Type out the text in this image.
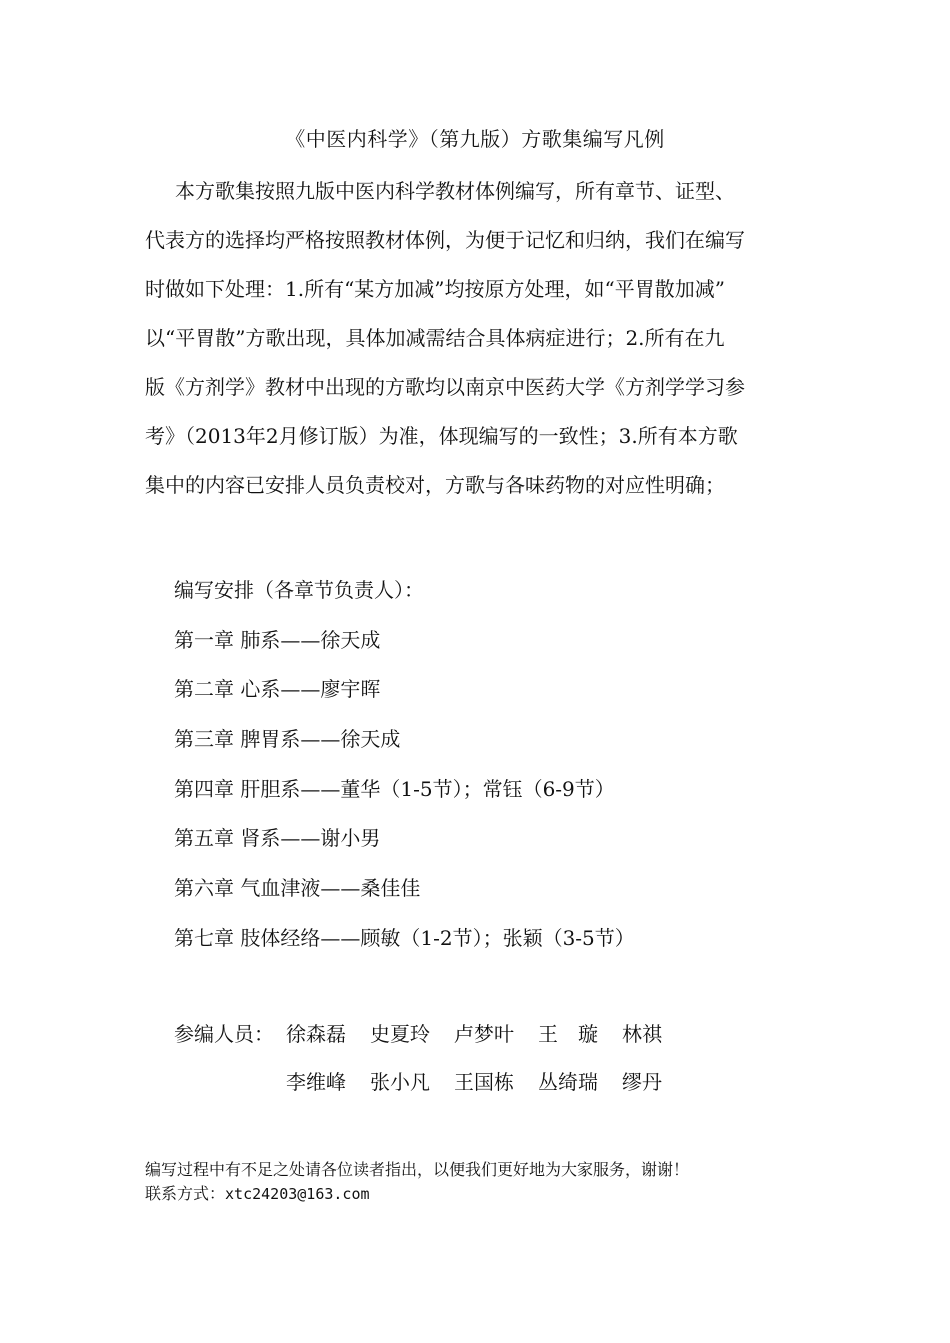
《中医内科学》（第九版）方歌集编写凡例
本方歌集按照九版中医内科学教材体例编写，所有章节、证型、
代表方的选择均严格按照教材体例，为便于记忆和归纳，我们在编写
时做如下处理：1.所有“某方加减”均按原方处理，如“平胃散加减”
以“平胃散”方歌出现，具体加减需结合具体病症进行；2.所有在九
版《方剂学》教材中出现的方歌均以南京中医药大学《方剂学学习参
考》（2013年2月修订版）为准，体现编写的一致性；3.所有本方歌
集中的内容已安排人员负责校对，方歌与各味药物的对应性明确；
编写安排（各章节负责人）：
第一章 肺系——徐天成
第二章 心系——廖宇晖
第三章 脾胃系——徐天成
第四章 肝胆系——董华（1-5节）；常钰（6-9节）
第五章 肾系——谢小男
第六章 气血津液——桑佳佳
第七章 肢体经络——顾敏（1-2节）；张颖（3-5节）
参编人员： 徐森磊 史夏玲 卢梦叶 王　璇 林祺
李维峰 张小凡 王国栋 丛绮瑞 缪丹
编写过程中有不足之处请各位读者指出，以便我们更好地为大家服务，谢谢！
联系方式：xtc24203@163.com
